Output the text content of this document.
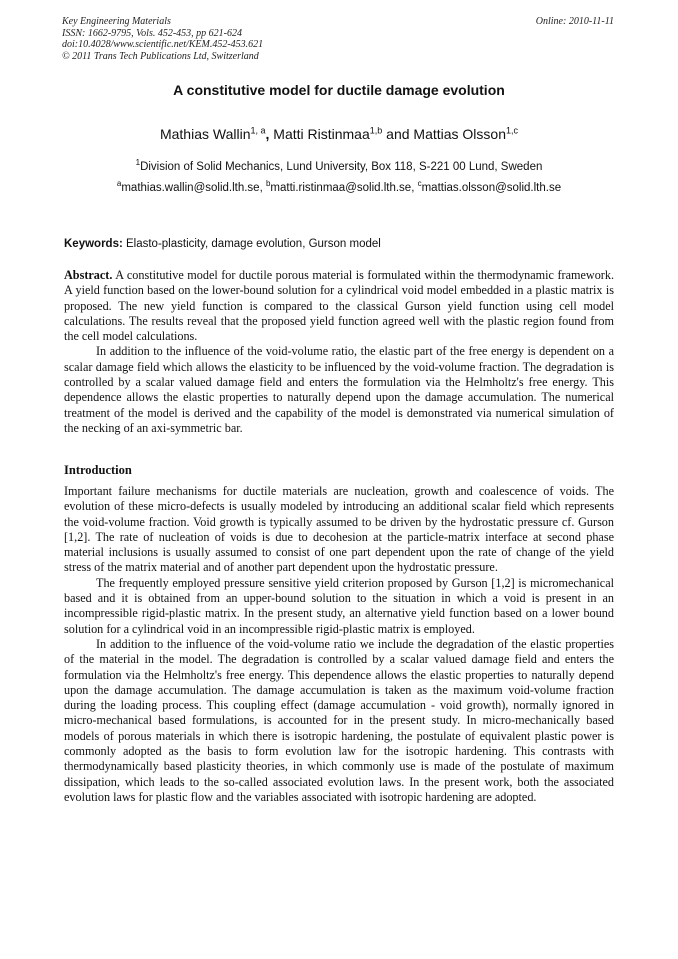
Key Engineering Materials
ISSN: 1662-9795, Vols. 452-453, pp 621-624
doi:10.4028/www.scientific.net/KEM.452-453.621
© 2011 Trans Tech Publications Ltd, Switzerland
Online: 2010-11-11
A constitutive model for ductile damage evolution
Mathias Wallin$^{1, a}$, Matti Ristinmaa$^{1,b}$ and Mattias Olsson$^{1,c}$
$^1$Division of Solid Mechanics, Lund University, Box 118, S-221 00 Lund, Sweden
$^a$mathias.wallin@solid.lth.se, $^b$matti.ristinmaa@solid.lth.se, $^c$mattias.olsson@solid.lth.se
Keywords: Elasto-plasticity, damage evolution, Gurson model

Abstract. A constitutive model for ductile porous material is formulated within the thermodynamic framework. A yield function based on the lower-bound solution for a cylindrical void model embedded in a plastic matrix is proposed. The new yield function is compared to the classical Gurson yield function using cell model calculations. The results reveal that the proposed yield function agreed well with the plastic region found from the cell model calculations.

In addition to the influence of the void-volume ratio, the elastic part of the free energy is dependent on a scalar damage field which allows the elasticity to be influenced by the void-volume fraction. The degradation is controlled by a scalar valued damage field and enters the formulation via the Helmholtz's free energy. This dependence allows the elastic properties to naturally depend upon the damage accumulation. The numerical treatment of the model is derived and the capability of the model is demonstrated via numerical simulation of the necking of an axi-symmetric bar.

Introduction

Important failure mechanisms for ductile materials are nucleation, growth and coalescence of voids. The evolution of these micro-defects is usually modeled by introducing an additional scalar field which represents the void-volume fraction. Void growth is typically assumed to be driven by the hydrostatic pressure cf. Gurson [1,2]. The rate of nucleation of voids is due to decohesion at the particle-matrix interface at second phase material inclusions is usually assumed to consist of one part dependent upon the rate of change of the yield stress of the matrix material and of another part dependent upon the hydrostatic pressure.

The frequently employed pressure sensitive yield criterion proposed by Gurson [1,2] is micromechanical based and it is obtained from an upper-bound solution to the situation in which a void is present in an incompressible rigid-plastic matrix. In the present study, an alternative yield function based on a lower bound solution for a cylindrical void in an incompressible rigid-plastic matrix is employed.

In addition to the influence of the void-volume ratio we include the degradation of the elastic properties of the material in the model. The degradation is controlled by a scalar valued damage field and enters the formulation via the Helmholtz's free energy. This dependence allows the elastic properties to naturally depend upon the damage accumulation. The damage accumulation is taken as the maximum void-volume fraction during the loading process. This coupling effect (damage accumulation - void growth), normally ignored in micro-mechanical based formulations, is accounted for in the present study. In micro-mechanically based models of porous materials in which there is isotropic hardening, the postulate of equivalent plastic power is commonly adopted as the basis to form evolution law for the isotropic hardening. This contrasts with thermodynamically based plasticity theories, in which commonly use is made of the postulate of maximum dissipation, which leads to the so-called associated evolution laws. In the present work, both the associated evolution laws for plastic flow and the variables associated with isotropic hardening are adopted.
